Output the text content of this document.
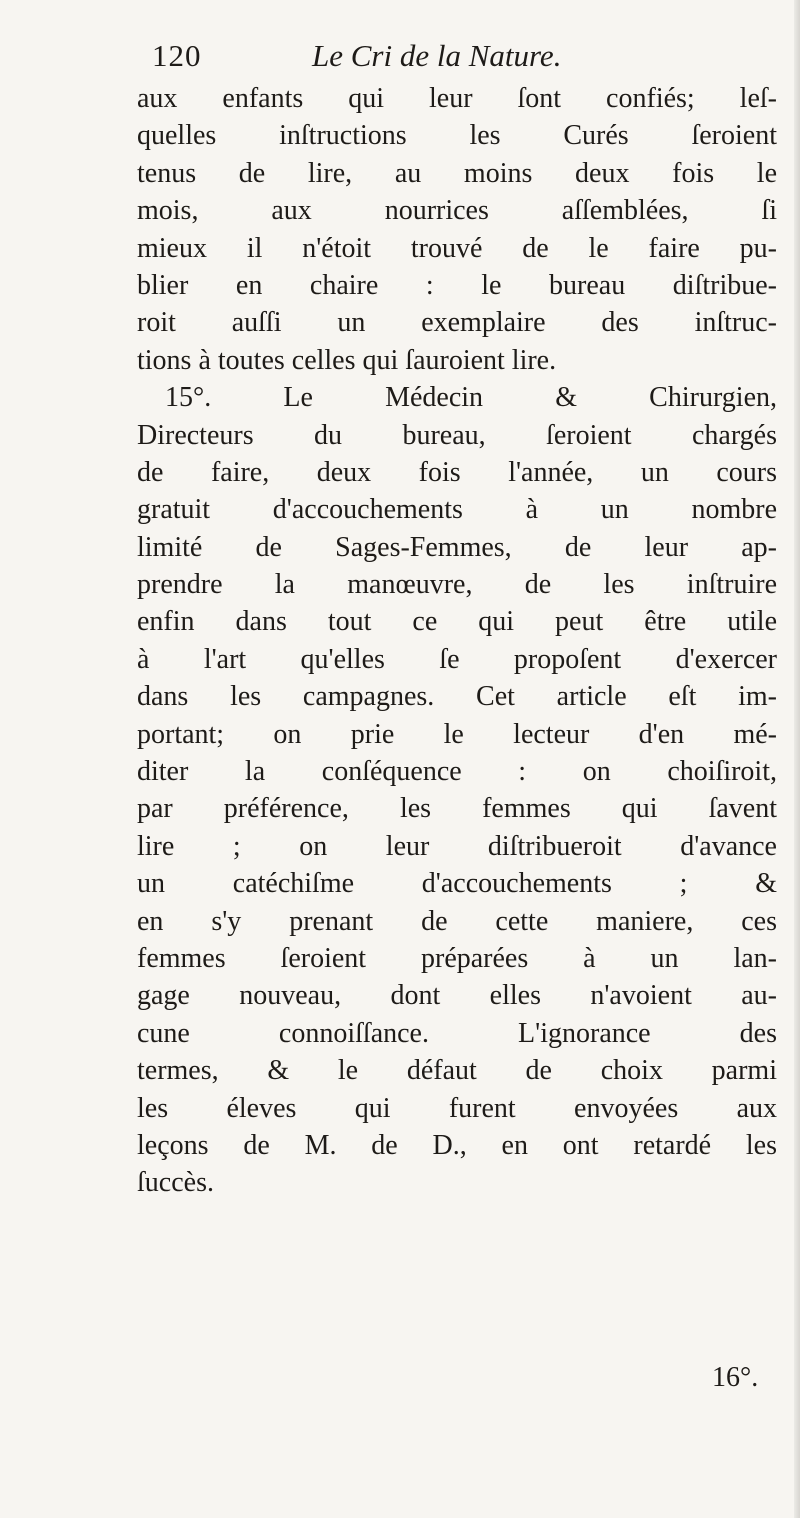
120	Le Cri de la Nature.
aux enfants qui leur ſont confiés; leſ-
quelles inſtructions les Curés ſeroient
tenus de lire, au moins deux fois le
mois, aux nourrices aſſemblées, ſi
mieux il n'étoit trouvé de le faire pu-
blier en chaire : le bureau diſtribue-
roit auſſi un exemplaire des inſtruc-
tions à toutes celles qui ſauroient lire.
15°. Le Médecin & Chirurgien,
Directeurs du bureau, ſeroient chargés
de faire, deux fois l'année, un cours
gratuit d'accouchements à un nombre
limité de Sages-Femmes, de leur ap-
prendre la manœuvre, de les inſtruire
enfin dans tout ce qui peut être utile
à l'art qu'elles ſe propoſent d'exercer
dans les campagnes. Cet article eſt im-
portant; on prie le lecteur d'en mé-
diter la conſéquence : on choiſiroit,
par préférence, les femmes qui ſavent
lire ; on leur diſtribueroit d'avance
un catéchiſme d'accouchements ; &
en s'y prenant de cette maniere, ces
femmes ſeroient préparées à un lan-
gage nouveau, dont elles n'avoient au-
cune connoiſſance. L'ignorance des
termes, & le défaut de choix parmi
les éleves qui furent envoyées aux
leçons de M. de D., en ont retardé les
ſuccès.
16°.
